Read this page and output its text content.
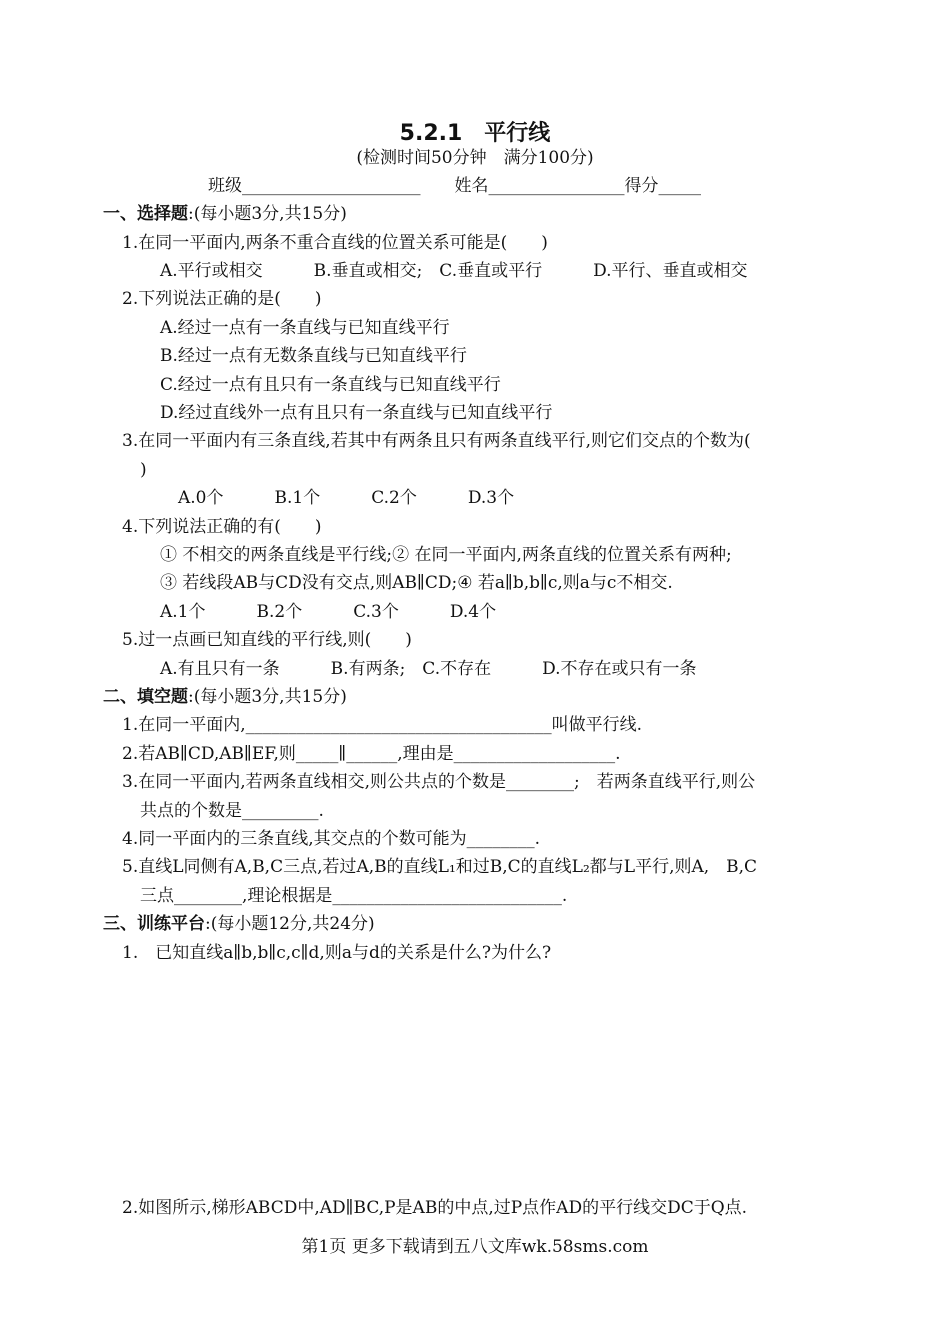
5.2.1　平行线
(检测时间50分钟　满分100分)
班级_____________________　　姓名________________得分_____
一、选择题:(每小题3分,共15分)
1.在同一平面内,两条不重合直线的位置关系可能是(　　)
A.平行或相交　　　B.垂直或相交;　C.垂直或平行　　　D.平行、垂直或相交
2.下列说法正确的是(　　)
A.经过一点有一条直线与已知直线平行
B.经过一点有无数条直线与已知直线平行
C.经过一点有且只有一条直线与已知直线平行
D.经过直线外一点有且只有一条直线与已知直线平行
3.在同一平面内有三条直线,若其中有两条且只有两条直线平行,则它们交点的个数为(
)
A.0个　　　B.1个　　　C.2个　　　D.3个
4.下列说法正确的有(　　)
① 不相交的两条直线是平行线;② 在同一平面内,两条直线的位置关系有两种;
③ 若线段AB与CD没有交点,则AB∥CD;④ 若a∥b,b∥c,则a与c不相交.
A.1个　　　B.2个　　　C.3个　　　D.4个
5.过一点画已知直线的平行线,则(　　)
A.有且只有一条　　　B.有两条;　C.不存在　　　D.不存在或只有一条
二、填空题:(每小题3分,共15分)
1.在同一平面内,____________________________________叫做平行线.
2.若AB∥CD,AB∥EF,则_____∥______,理由是___________________.
3.在同一平面内,若两条直线相交,则公共点的个数是________;　若两条直线平行,则公
共点的个数是_________.
4.同一平面内的三条直线,其交点的个数可能为________.
5.直线L同侧有A,B,C三点,若过A,B的直线L₁和过B,C的直线L₂都与L平行,则A,　B,C
三点________,理论根据是___________________________.
三、训练平台:(每小题12分,共24分)
1.　已知直线a∥b,b∥c,c∥d,则a与d的关系是什么?为什么?
2.如图所示,梯形ABCD中,AD∥BC,P是AB的中点,过P点作AD的平行线交DC于Q点.
第1页 更多下载请到五八文库wk.58sms.com
